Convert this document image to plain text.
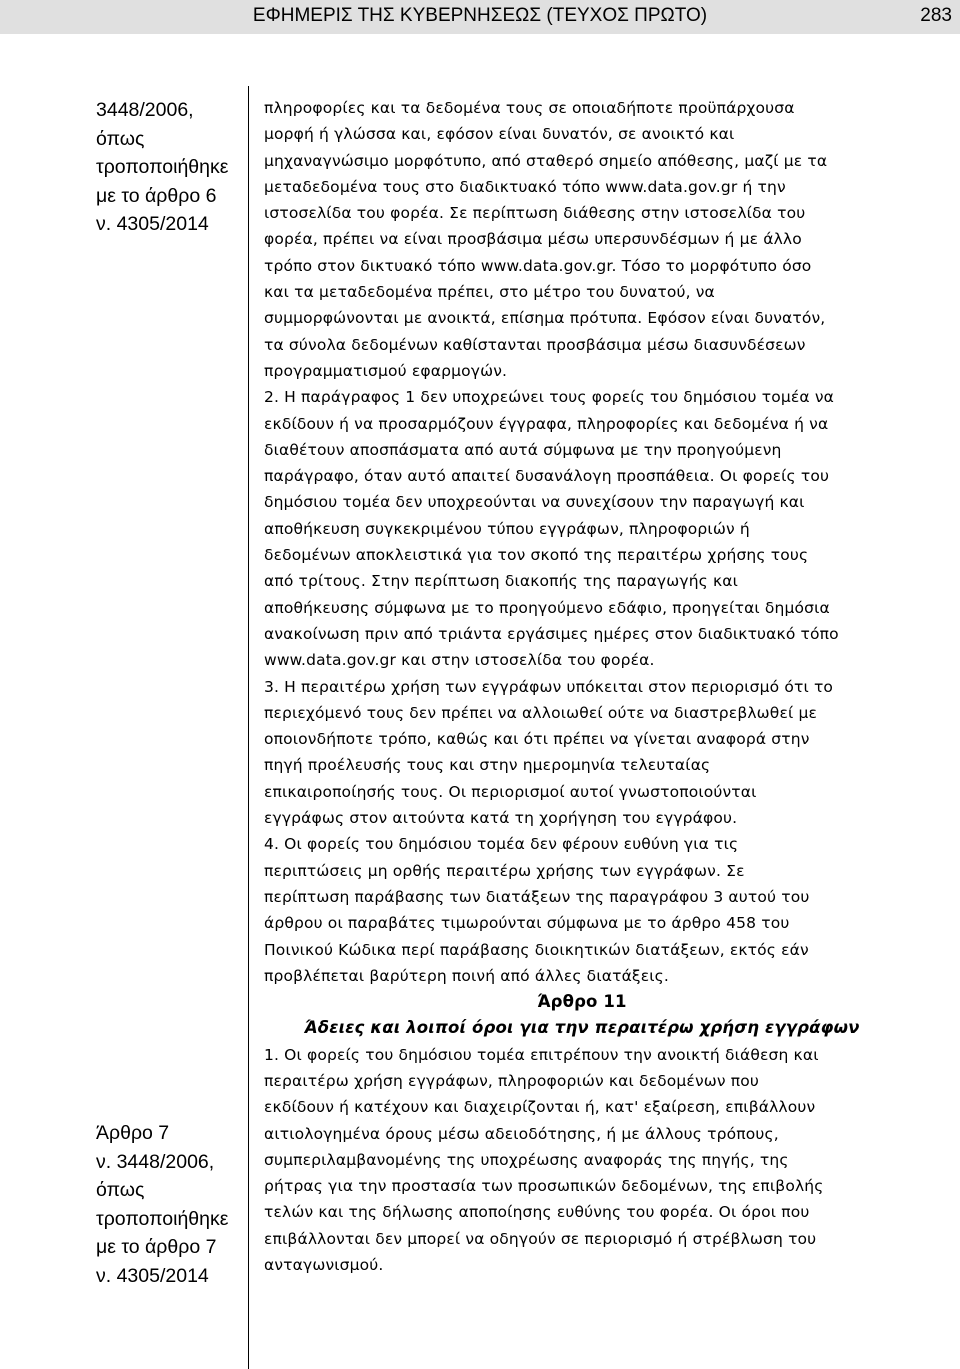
ΕΦΗΜΕΡΙΣ ΤΗΣ ΚΥΒΕΡΝΗΣΕΩΣ (ΤΕΥΧΟΣ ΠΡΩΤΟ)	283

3448/2006,

όπως

τροποποιήθηκε

με το άρθρο 6

ν. 4305/2014

Άρθρο 7

ν. 3448/2006,

όπως

τροποποιήθηκε

με το άρθρο 7

ν. 4305/2014

πληροφορίες και τα δεδομένα τους σε οποιαδήποτε προϋπάρχουσα

μορφή ή γλώσσα και, εφόσον είναι δυνατόν, σε ανοικτό και

μηχαναγνώσιμο μορφότυπο, από σταθερό σημείο απόθεσης, μαζί με τα

μεταδεδομένα τους στο διαδικτυακό τόπο www.data.gov.gr ή την

ιστοσελίδα του φορέα. Σε περίπτωση διάθεσης στην ιστοσελίδα του

φορέα, πρέπει να είναι προσβάσιμα μέσω υπερσυνδέσμων ή με άλλο

τρόπο στον δικτυακό τόπο www.data.gov.gr. Τόσο το μορφότυπο όσο

και τα μεταδεδομένα πρέπει, στο μέτρο του δυνατού, να

συμμορφώνονται με ανοικτά, επίσημα πρότυπα. Εφόσον είναι δυνατόν,

τα σύνολα δεδομένων καθίστανται προσβάσιμα μέσω διασυνδέσεων

προγραμματισμού εφαρμογών.

2. Η παράγραφος 1 δεν υποχρεώνει τους φορείς του δημόσιου τομέα να

εκδίδουν ή να προσαρμόζουν έγγραφα, πληροφορίες και δεδομένα ή να

διαθέτουν αποσπάσματα από αυτά σύμφωνα με την προηγούμενη

παράγραφο, όταν αυτό απαιτεί δυσανάλογη προσπάθεια. Οι φορείς του

δημόσιου τομέα δεν υποχρεούνται να συνεχίσουν την παραγωγή και

αποθήκευση συγκεκριμένου τύπου εγγράφων, πληροφοριών ή

δεδομένων αποκλειστικά για τον σκοπό της περαιτέρω χρήσης τους

από τρίτους. Στην περίπτωση διακοπής της παραγωγής και

αποθήκευσης σύμφωνα με το προηγούμενο εδάφιο, προηγείται δημόσια

ανακοίνωση πριν από τριάντα εργάσιμες ημέρες στον διαδικτυακό τόπο

www.data.gov.gr και στην ιστοσελίδα του φορέα.

3. Η περαιτέρω χρήση των εγγράφων υπόκειται στον περιορισμό ότι το

περιεχόμενό τους δεν πρέπει να αλλοιωθεί ούτε να διαστρεβλωθεί με

οποιονδήποτε τρόπο, καθώς και ότι πρέπει να γίνεται αναφορά στην

πηγή προέλευσής τους και στην ημερομηνία τελευταίας

επικαιροποίησής τους. Οι περιορισμοί αυτοί γνωστοποιούνται

εγγράφως στον αιτούντα κατά τη χορήγηση του εγγράφου.

4. Οι φορείς του δημόσιου τομέα δεν φέρουν ευθύνη για τις

περιπτώσεις μη ορθής περαιτέρω χρήσης των εγγράφων. Σε

περίπτωση παράβασης των διατάξεων της παραγράφου 3 αυτού του

άρθρου οι παραβάτες τιμωρούνται σύμφωνα με το άρθρο 458 του

Ποινικού Κώδικα περί παράβασης διοικητικών διατάξεων, εκτός εάν

προβλέπεται βαρύτερη ποινή από άλλες διατάξεις.

Άρθρο 11

Άδειες και λοιποί όροι για την περαιτέρω χρήση εγγράφων

1. Οι φορείς του δημόσιου τομέα επιτρέπουν την ανοικτή διάθεση και

περαιτέρω χρήση εγγράφων, πληροφοριών και δεδομένων που

εκδίδουν ή κατέχουν και διαχειρίζονται ή, κατ' εξαίρεση, επιβάλλουν

αιτιολογημένα όρους μέσω αδειοδότησης, ή με άλλους τρόπους,

συμπεριλαμβανομένης της υποχρέωσης αναφοράς της πηγής, της

ρήτρας για την προστασία των προσωπικών δεδομένων, της επιβολής

τελών και της δήλωσης αποποίησης ευθύνης του φορέα. Οι όροι που

επιβάλλονται δεν μπορεί να οδηγούν σε περιορισμό ή στρέβλωση του

ανταγωνισμού.
